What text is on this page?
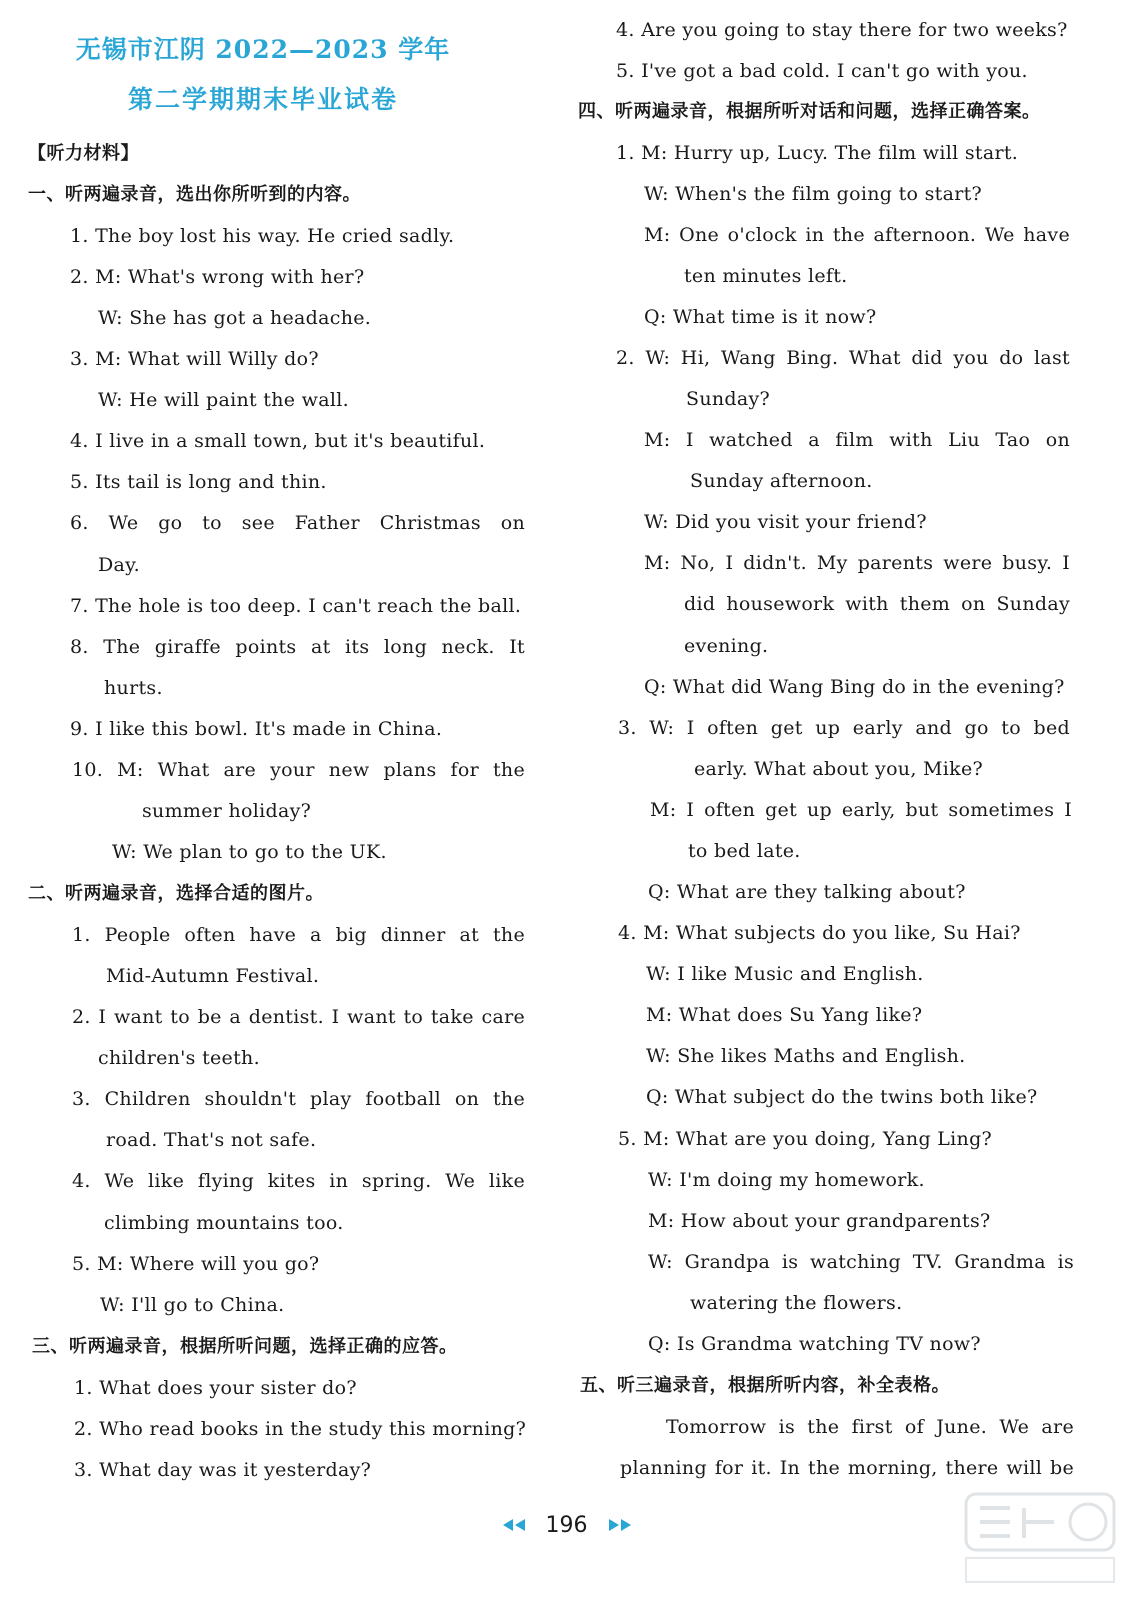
无锡市江阴 2022—2023 学年
第二学期期末毕业试卷
【听力材料】
一、听两遍录音，选出你所听到的内容。
1. The boy lost his way. He cried sadly.
2. M: What's wrong with her?
W: She has got a headache.
3. M: What will Willy do?
W: He will paint the wall.
4. I live in a small town, but it's beautiful.
5. Its tail is long and thin.
6. We go to see Father Christmas on
Day.
7. The hole is too deep. I can't reach the ball.
8. The giraffe points at its long neck. It
hurts.
9. I like this bowl. It's made in China.
10. M: What are your new plans for the
summer holiday?
W: We plan to go to the UK.
二、听两遍录音，选择合适的图片。
1. People often have a big dinner at the
Mid-Autumn Festival.
2. I want to be a dentist. I want to take care
children's teeth.
3. Children shouldn't play football on the
road. That's not safe.
4. We like flying kites in spring. We like
climbing mountains too.
5. M: Where will you go?
W: I'll go to China.
三、听两遍录音，根据所听问题，选择正确的应答。
1. What does your sister do?
2. Who read books in the study this morning?
3. What day was it yesterday?
4. Are you going to stay there for two weeks?
5. I've got a bad cold. I can't go with you.
四、听两遍录音，根据所听对话和问题，选择正确答案。
1. M: Hurry up, Lucy. The film will start.
W: When's the film going to start?
M: One o'clock in the afternoon. We have
ten minutes left.
Q: What time is it now?
2. W: Hi, Wang Bing. What did you do last
Sunday?
M: I watched a film with Liu Tao on
Sunday afternoon.
W: Did you visit your friend?
M: No, I didn't. My parents were busy. I
did housework with them on Sunday
evening.
Q: What did Wang Bing do in the evening?
3. W: I often get up early and go to bed
early. What about you, Mike?
M: I often get up early, but sometimes I
to bed late.
Q: What are they talking about?
4. M: What subjects do you like, Su Hai?
W: I like Music and English.
M: What does Su Yang like?
W: She likes Maths and English.
Q: What subject do the twins both like?
5. M: What are you doing, Yang Ling?
W: I'm doing my homework.
M: How about your grandparents?
W: Grandpa is watching TV. Grandma is
watering the flowers.
Q: Is Grandma watching TV now?
五、听三遍录音，根据所听内容，补全表格。
Tomorrow is the first of June. We are
planning for it. In the morning, there will be
196
